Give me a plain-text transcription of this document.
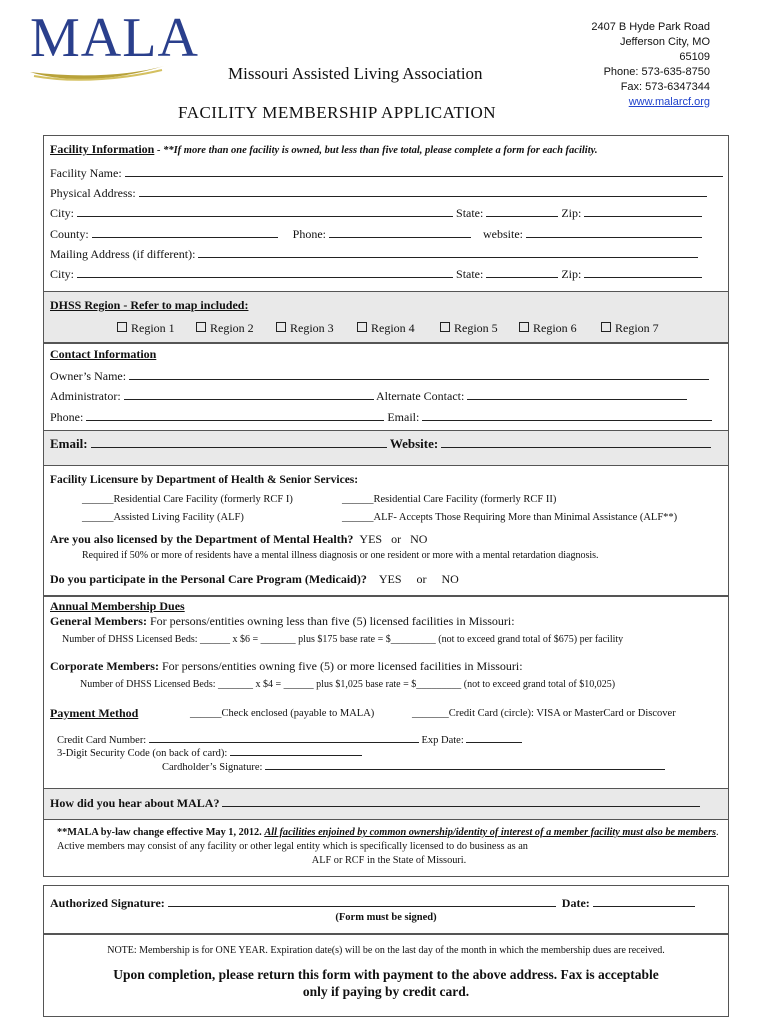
MALA
Missouri Assisted Living Association
FACILITY MEMBERSHIP APPLICATION
2407 B Hyde Park Road
Jefferson City, MO
65109
Phone: 573-635-8750
Fax: 573-6347344
www.malarcf.org
Facility Information - **If more than one facility is owned, but less than five total, please complete a form for each facility.
Facility Name:
Physical Address:
City:	State:	Zip:
County:	Phone:	website:
Mailing Address (if different):
City:	State:	Zip:
DHSS Region - Refer to map included:
Region 1	Region 2	Region 3	Region 4	Region 5	Region 6	Region 7
Contact Information
Owner’s Name:
Administrator:	Alternate Contact:
Phone:	Email:
Email:	Website:
Facility Licensure by Department of Health & Senior Services:
______Residential Care Facility (formerly RCF I)	______Residential Care Facility (formerly RCF II)
______Assisted Living Facility (ALF)	______ALF- Accepts Those Requiring More than Minimal Assistance (ALF**)
Are you also licensed by the Department of Mental Health? YES or NO
Required if 50% or more of residents have a mental illness diagnosis or one resident or more with a mental retardation diagnosis.
Do you participate in the Personal Care Program (Medicaid)? YES or NO
Annual Membership Dues
General Members: For persons/entities owning less than five (5) licensed facilities in Missouri:
Number of DHSS Licensed Beds: ______ x $6 = _______ plus $175 base rate = $_________ (not to exceed grand total of $675) per facility
Corporate Members: For persons/entities owning five (5) or more licensed facilities in Missouri:
Number of DHSS Licensed Beds: _______ x $4 = ______ plus $1,025 base rate = $_________ (not to exceed grand total of $10,025)
Payment Method	______Check enclosed (payable to MALA)	_______Credit Card (circle): VISA or MasterCard or Discover
Credit Card Number:	Exp Date:
3-Digit Security Code (on back of card):
Cardholder’s Signature:
How did you hear about MALA?
**MALA by-law change effective May 1, 2012. All facilities enjoined by common ownership/identity of interest of a member facility must also be members. Active members may consist of any facility or other legal entity which is specifically licensed to do business as an
ALF or RCF in the State of Missouri.
Authorized Signature:	Date:
(Form must be signed)
NOTE: Membership is for ONE YEAR. Expiration date(s) will be on the last day of the month in which the membership dues are received.
Upon completion, please return this form with payment to the above address. Fax is acceptable
only if paying by credit card.
